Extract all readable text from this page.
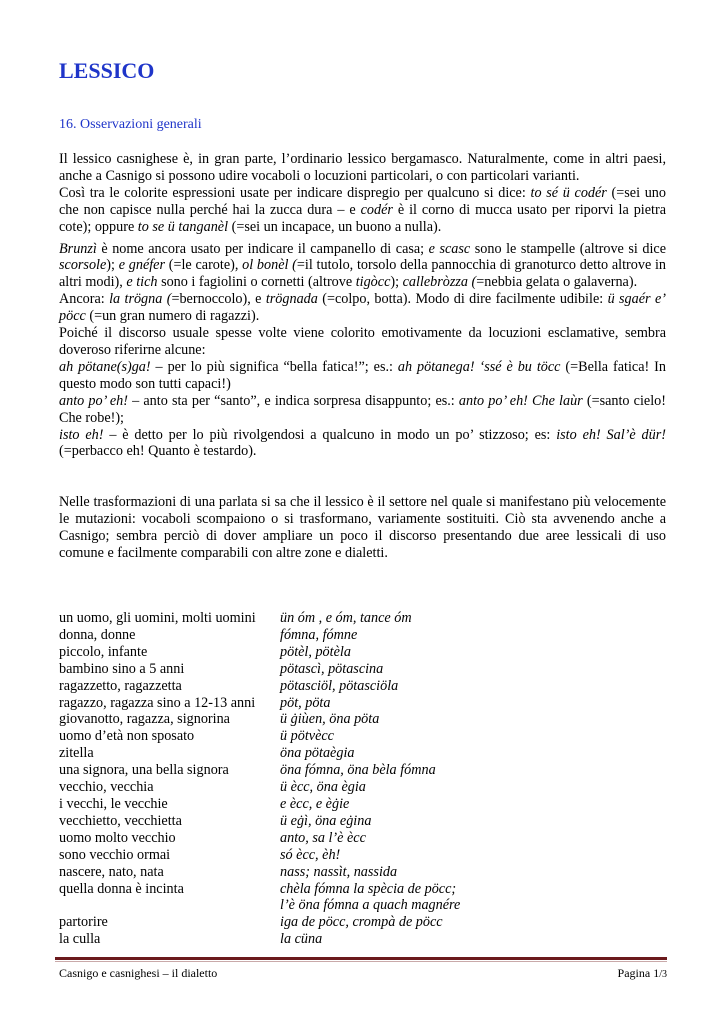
LESSICO
16. Osservazioni generali

Il lessico casnighese è, in gran parte, l’ordinario lessico bergamasco. Naturalmente, come in altri paesi, anche a Casnigo si possono udire vocaboli o locuzioni particolari, o con particolari varianti.

Così tra le colorite espressioni usate per indicare dispregio per qualcuno si dice: to sé ü codér (=sei uno che non capisce nulla perché hai la zucca dura – e codér è il corno di mucca usato per riporvi la pietra cote); oppure to se ü tanganèl (=sei un incapace, un buono a nulla).

Brunzì è nome ancora usato per indicare il campanello di casa; e scasc sono le stampelle (altrove si dice scorsole); e gnéfer (=le carote), ol bonèl (=il tutolo, torsolo della pannocchia di granoturco detto altrove in altri modi), e tich sono i fagiolini o cornetti (altrove tigòcc); callebròzza (=nebbia gelata o galaverna).

Ancora: la trögna (=bernoccolo), e trögnada (=colpo, botta). Modo di dire facilmente udibile: ü sgaér e’ pöcc (=un gran numero di ragazzi).

Poiché il discorso usuale spesse volte viene colorito emotivamente da locuzioni esclamative, sembra doveroso riferirne alcune:

ah pötane(s)ga! – per lo più significa “bella fatica!”; es.: ah pötanega! ‘ssé è bu töcc (=Bella fatica! In questo modo son tutti capaci!)

anto po’ eh! – anto sta per “santo”, e indica sorpresa disappunto; es.: anto po’ eh! Che laùr (=santo cielo! Che robe!);

isto eh! – è detto per lo più rivolgendosi a qualcuno in modo un po’ stizzoso; es: isto eh! Sal’è dür! (=perbacco eh! Quanto è testardo).

Nelle trasformazioni di una parlata si sa che il lessico è il settore nel quale si manifestano più velocemente le mutazioni: vocaboli scompaiono o si trasformano, variamente sostituiti. Ciò sta avvenendo anche a Casnigo; sembra perciò di dover ampliare un poco il discorso presentando due aree lessicali di uso comune e facilmente comparabili con altre zone e dialetti.

un uomo, gli uomini, molti uomini	ün óm , e óm, tance óm
donna, donne	fómna, fómne
piccolo, infante	pötèl, pötèla
bambino sino a 5 anni	pötascì, pötascina
ragazzetto, ragazzetta	pötasciöl, pötasciöla
ragazzo, ragazza sino a 12-13 anni	pöt, pöta
giovanotto, ragazza, signorina	ü ġiùen, öna pöta
uomo d’età non sposato	ü pötvècc
zitella	öna pötaègia
una signora, una bella signora	öna fómna, öna bèla fómna
vecchio, vecchia	ü ècc, öna ègia
i vecchi, le vecchie	e ècc, e èġie
vecchietto, vecchietta	ü eġì, öna eġina
uomo molto vecchio	anto, sa l’è ècc
sono vecchio ormai	só ècc, èh!
nascere, nato, nata	nass; nassìt, nassida
quella donna è incinta	chèla fómna la spècia de pöcc;
l’è öna fómna a quach magnére
partorire	iga de pöcc, crompà de pöcc
la culla	la cüna
Casnigo e casnighesi – il dialetto	Pagina 1/3
